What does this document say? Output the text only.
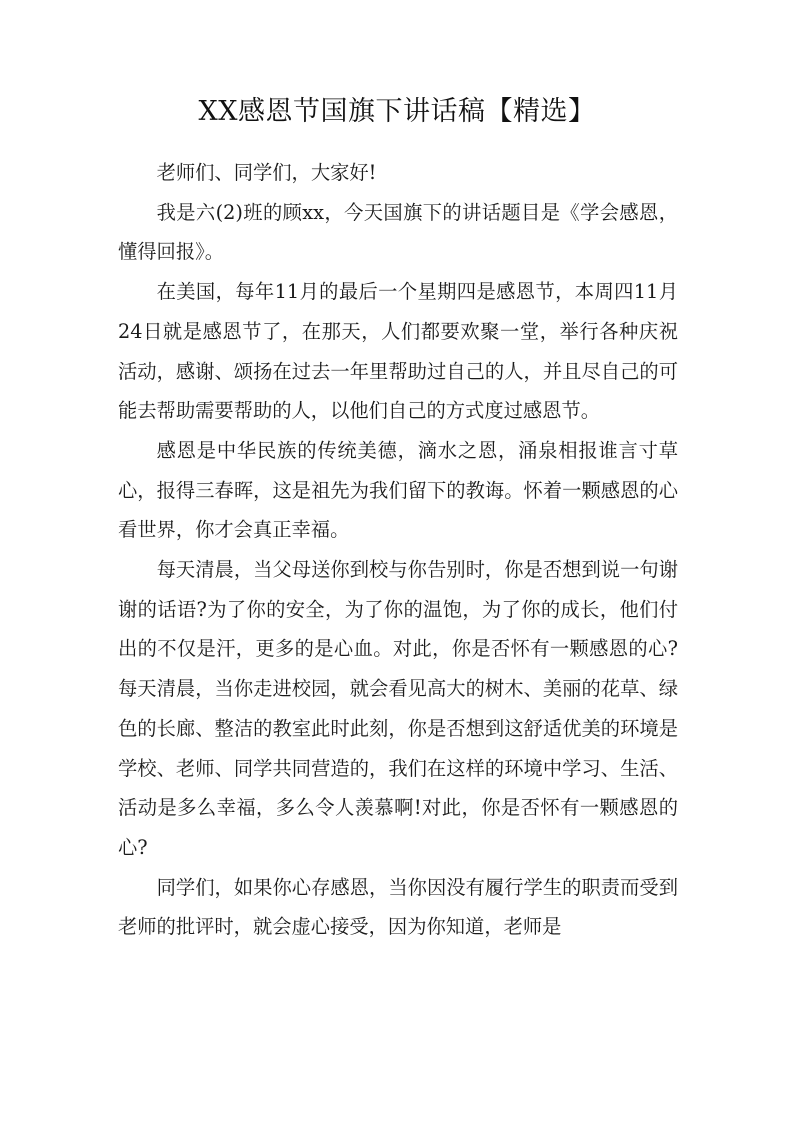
XX感恩节国旗下讲话稿【精选】

老师们、同学们，大家好!

我是六(2)班的顾xx，今天国旗下的讲话题目是《学会感恩，懂得回报》。

在美国，每年11月的最后一个星期四是感恩节，本周四11月24日就是感恩节了，在那天，人们都要欢聚一堂，举行各种庆祝活动，感谢、颂扬在过去一年里帮助过自己的人，并且尽自己的可能去帮助需要帮助的人，以他们自己的方式度过感恩节。

感恩是中华民族的传统美德，滴水之恩，涌泉相报谁言寸草心，报得三春晖，这是祖先为我们留下的教诲。怀着一颗感恩的心看世界，你才会真正幸福。

每天清晨，当父母送你到校与你告别时，你是否想到说一句谢谢的话语?为了你的安全，为了你的温饱，为了你的成长，他们付出的不仅是汗，更多的是心血。对此，你是否怀有一颗感恩的心?每天清晨，当你走进校园，就会看见高大的树木、美丽的花草、绿色的长廊、整洁的教室此时此刻，你是否想到这舒适优美的环境是学校、老师、同学共同营造的，我们在这样的环境中学习、生活、活动是多么幸福，多么令人羡慕啊!对此，你是否怀有一颗感恩的心?

同学们，如果你心存感恩，当你因没有履行学生的职责而受到老师的批评时，就会虚心接受，因为你知道，老师是
